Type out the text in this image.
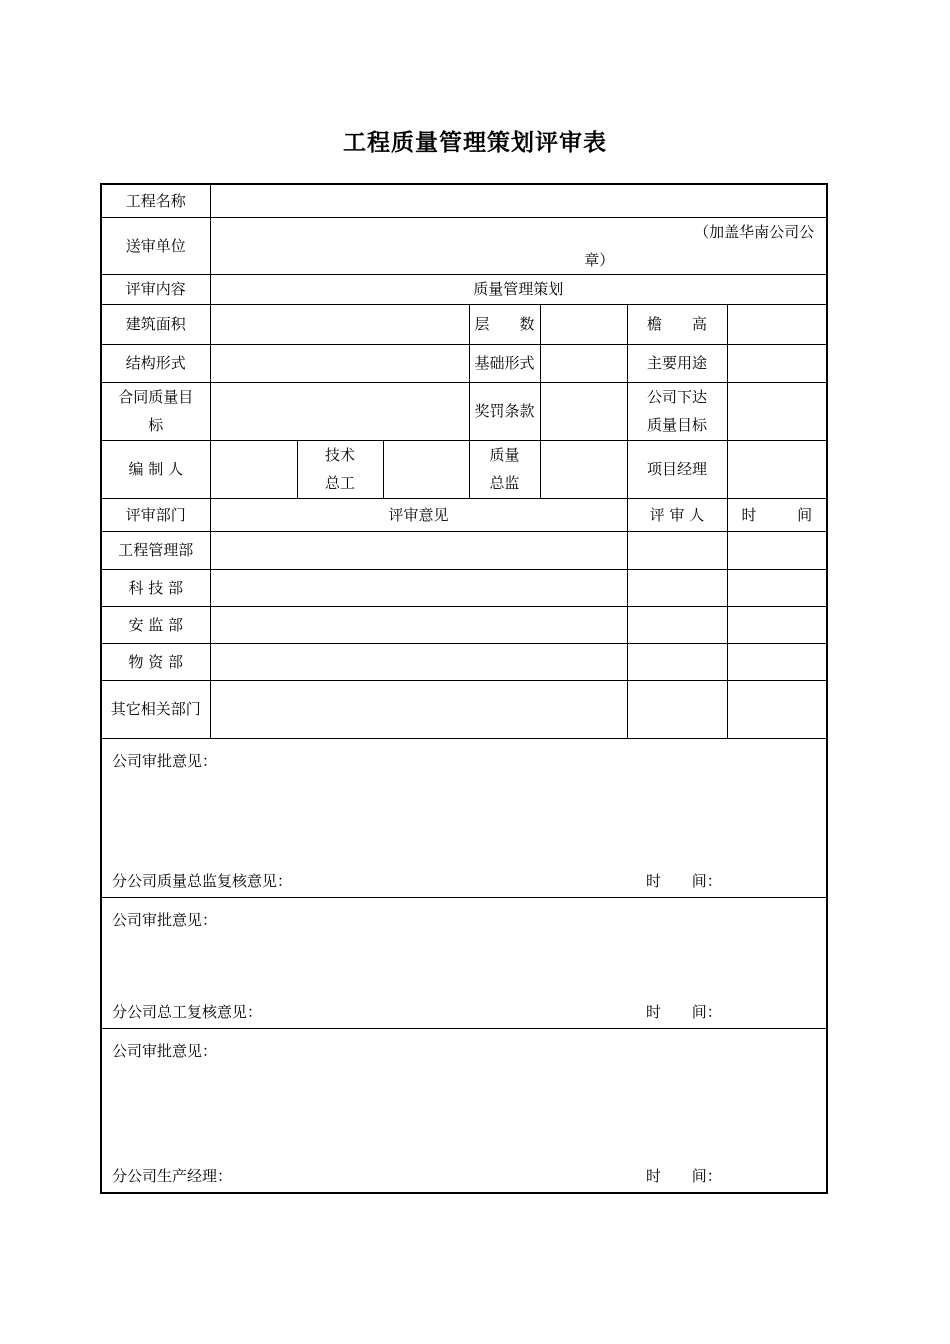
工程质量管理策划评审表
工程名称							
送审单位	（加盖华南公司公
章）						

评审内容	质量管理策划						
建筑面积				层　　数		檐　　高	
结构形式				基础形式		主要用途	
合同质量目标				奖罚条款		公司下达质量目标	
编 制 人		技术总工		质量总监		项目经理	
评审部门	评审意见					评 审 人	时 间

工程管理部							
科 技 部							
安 监 部							
物 资 部							
其它相关部门							

公司审批意见：
分公司质量总监复核意见： 时 间：							

公司审批意见：
分公司总工复核意见： 时 间：							

公司审批意见：
分公司生产经理： 时 间：							
